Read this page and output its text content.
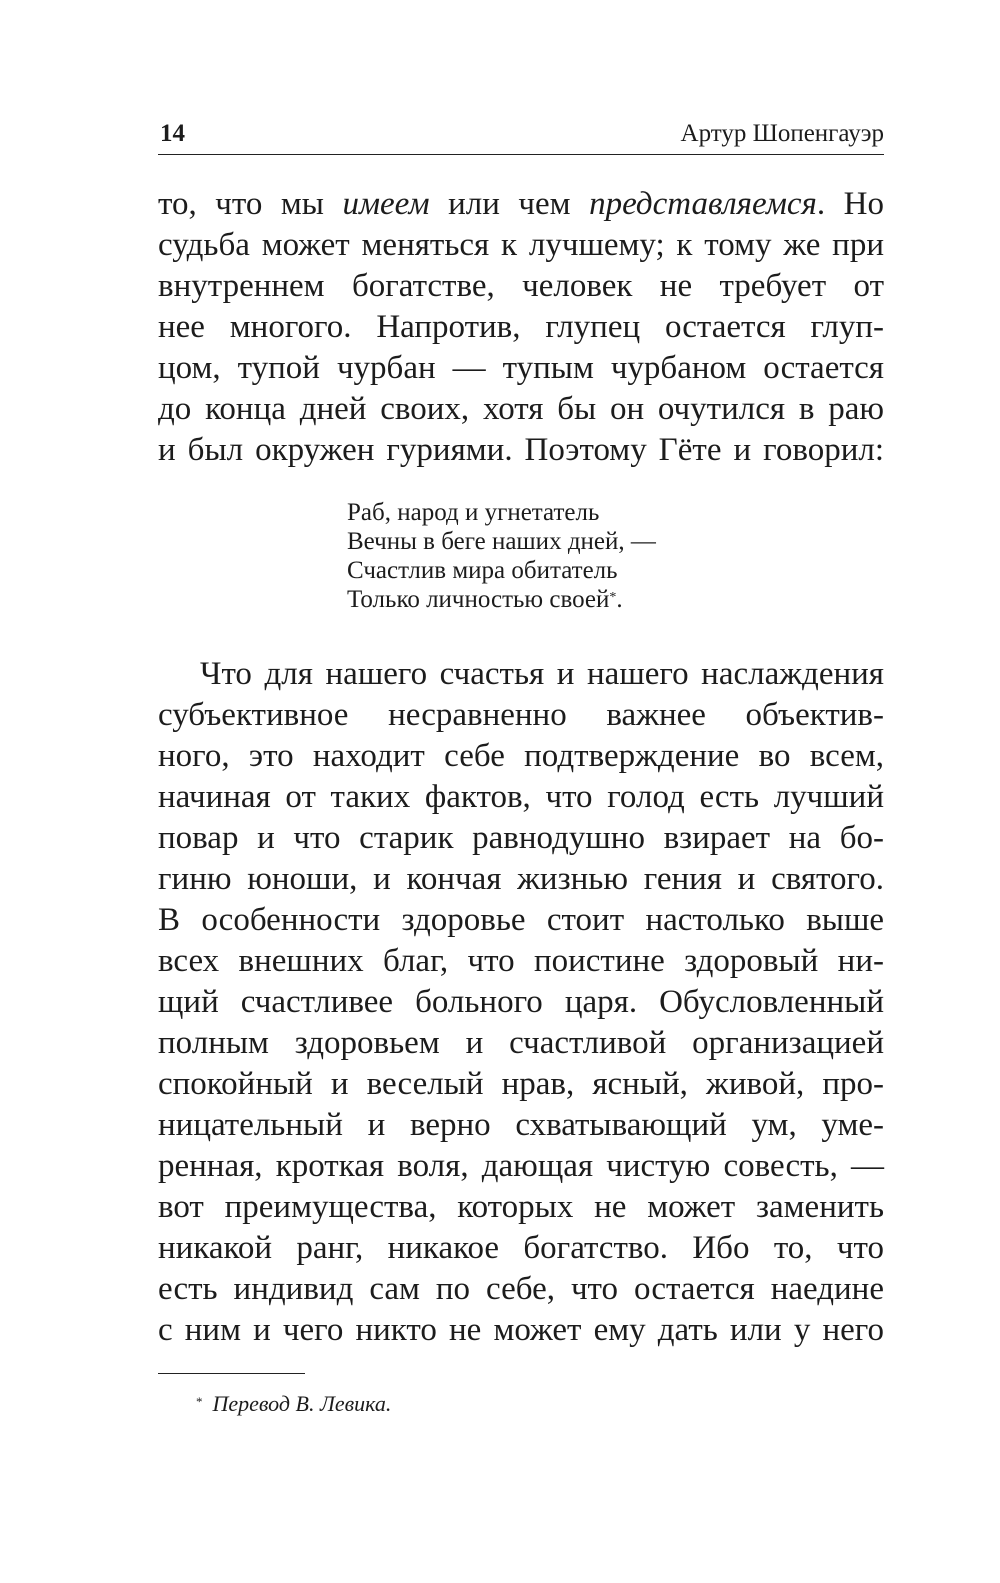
14	Артур Шопенгауэр
то, что мы имеем или чем представляемся. Но
судьба может меняться к лучшему; к тому же при
внутреннем богатстве, человек не требует от
нее многого. Напротив, глупец остается глуп-
цом, тупой чурбан — тупым чурбаном остается
до конца дней своих, хотя бы он очутился в раю
и был окружен гуриями. Поэтому Гёте и говорил:
Раб, народ и угнетатель
Вечны в беге наших дней, —
Счастлив мира обитатель
Только личностью своей*.
Что для нашего счастья и нашего наслаждения
субъективное несравненно важнее объектив-
ного, это находит себе подтверждение во всем,
начиная от таких фактов, что голод есть лучший
повар и что старик равнодушно взирает на бо-
гиню юноши, и кончая жизнью гения и святого.
В особенности здоровье стоит настолько выше
всех внешних благ, что поистине здоровый ни-
щий счастливее больного царя. Обусловленный
полным здоровьем и счастливой организацией
спокойный и веселый нрав, ясный, живой, про-
ницательный и верно схватывающий ум, уме-
ренная, кроткая воля, дающая чистую совесть, —
вот преимущества, которых не может заменить
никакой ранг, никакое богатство. Ибо то, что
есть индивид сам по себе, что остается наедине
с ним и чего никто не может ему дать или у него
* Перевод В. Левика.
